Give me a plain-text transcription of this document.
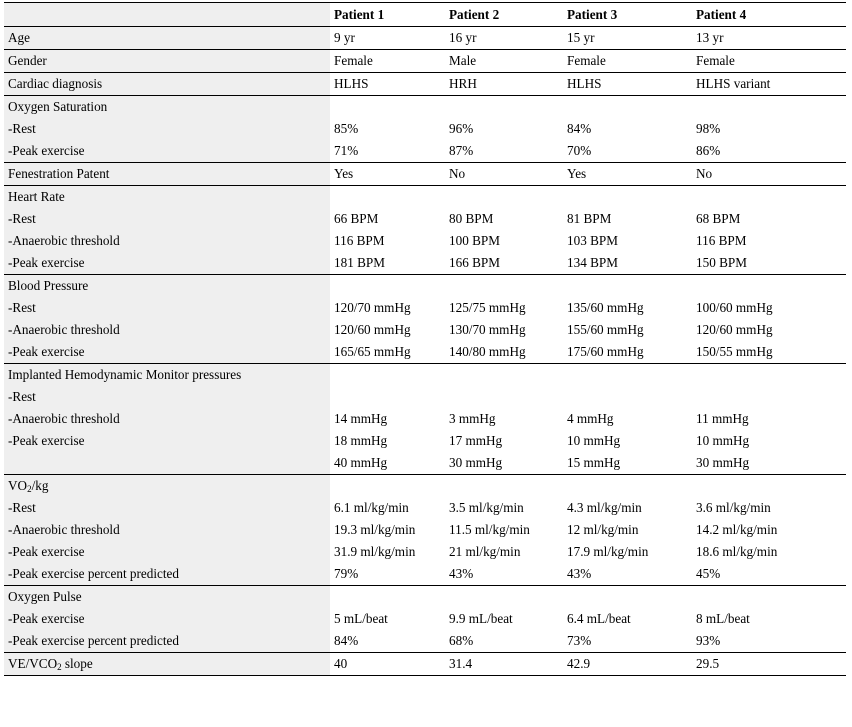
	Patient 1	Patient 2	Patient 3	Patient 4
Age	9 yr	16 yr	15 yr	13 yr
Gender	Female	Male	Female	Female
Cardiac diagnosis	HLHS	HRH	HLHS	HLHS variant
Oxygen Saturation				
-Rest	85%	96%	84%	98%
-Peak exercise	71%	87%	70%	86%
Fenestration Patent	Yes	No	Yes	No
Heart Rate				
-Rest	66 BPM	80 BPM	81 BPM	68 BPM
-Anaerobic threshold	116 BPM	100 BPM	103 BPM	116 BPM
-Peak exercise	181 BPM	166 BPM	134 BPM	150 BPM
Blood Pressure				
-Rest	120/70 mmHg	125/75 mmHg	135/60 mmHg	100/60 mmHg
-Anaerobic threshold	120/60 mmHg	130/70 mmHg	155/60 mmHg	120/60 mmHg
-Peak exercise	165/65 mmHg	140/80 mmHg	175/60 mmHg	150/55 mmHg
Implanted Hemodynamic Monitor pressures				
-Rest				
-Anaerobic threshold	14 mmHg	3 mmHg	4 mmHg	11 mmHg
-Peak exercise	18 mmHg	17 mmHg	10 mmHg	10 mmHg
	40 mmHg	30 mmHg	15 mmHg	30 mmHg
$VO_2/kg$				
-Rest	6.1 ml/kg/min	3.5 ml/kg/min	4.3 ml/kg/min	3.6 ml/kg/min
-Anaerobic threshold	19.3 ml/kg/min	11.5 ml/kg/min	12 ml/kg/min	14.2 ml/kg/min
-Peak exercise	31.9 ml/kg/min	21 ml/kg/min	17.9 ml/kg/min	18.6 ml/kg/min
-Peak exercise percent predicted	79%	43%	43%	45%
Oxygen Pulse				
-Peak exercise	5 mL/beat	9.9 mL/beat	6.4 mL/beat	8 mL/beat
-Peak exercise percent predicted	84%	68%	73%	93%
$VE/VCO_2$ slope	40	31.4	42.9	29.5
